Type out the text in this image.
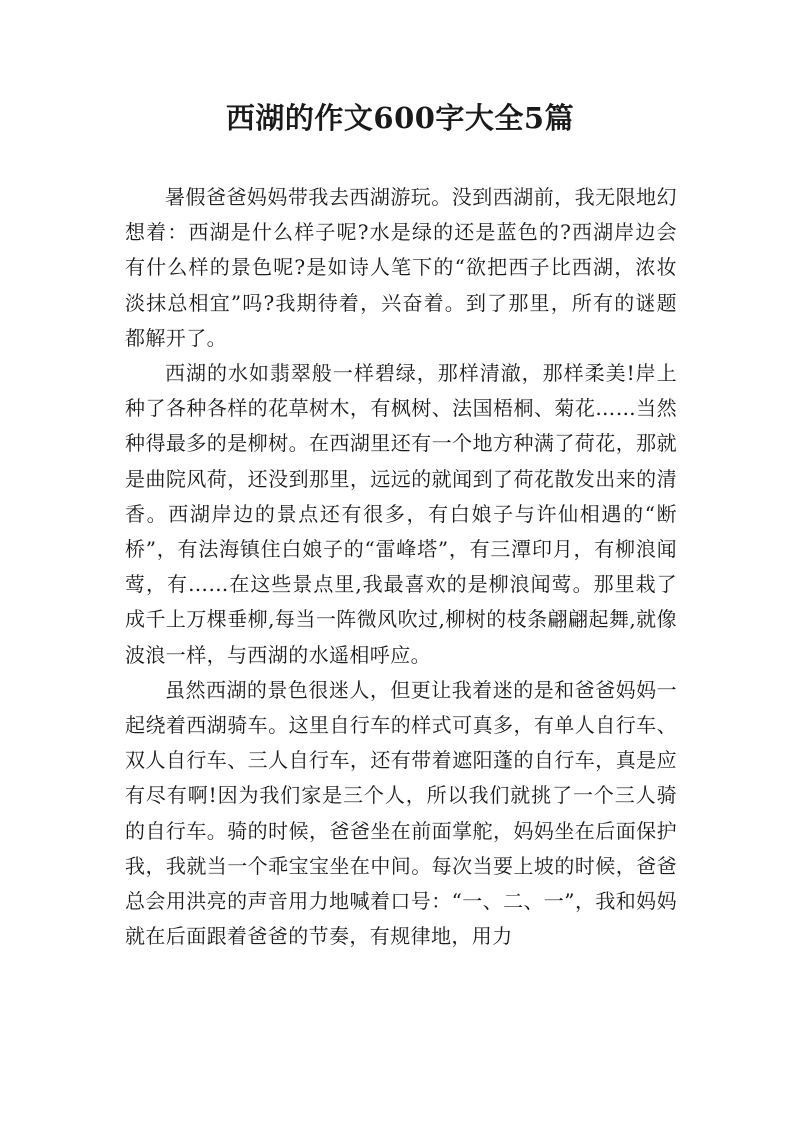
西湖的作文600字大全5篇

暑假爸爸妈妈带我去西湖游玩。没到西湖前，我无限地幻想着：西湖是什么样子呢?水是绿的还是蓝色的?西湖岸边会有什么样的景色呢?是如诗人笔下的“欲把西子比西湖，浓妆淡抹总相宜”吗?我期待着，兴奋着。到了那里，所有的谜题都解开了。

西湖的水如翡翠般一样碧绿，那样清澈，那样柔美!岸上种了各种各样的花草树木，有枫树、法国梧桐、菊花……当然种得最多的是柳树。在西湖里还有一个地方种满了荷花，那就是曲院风荷，还没到那里，远远的就闻到了荷花散发出来的清香。西湖岸边的景点还有很多，有白娘子与许仙相遇的“断桥”，有法海镇住白娘子的“雷峰塔”，有三潭印月，有柳浪闻莺，有……在这些景点里,我最喜欢的是柳浪闻莺。那里栽了成千上万棵垂柳,每当一阵微风吹过,柳树的枝条翩翩起舞,就像波浪一样，与西湖的水遥相呼应。

虽然西湖的景色很迷人，但更让我着迷的是和爸爸妈妈一起绕着西湖骑车。这里自行车的样式可真多，有单人自行车、双人自行车、三人自行车，还有带着遮阳蓬的自行车，真是应有尽有啊!因为我们家是三个人，所以我们就挑了一个三人骑的自行车。骑的时候，爸爸坐在前面掌舵，妈妈坐在后面保护我，我就当一个乖宝宝坐在中间。每次当要上坡的时候，爸爸总会用洪亮的声音用力地喊着口号：“一、二、一”，我和妈妈就在后面跟着爸爸的节奏，有规律地，用力
